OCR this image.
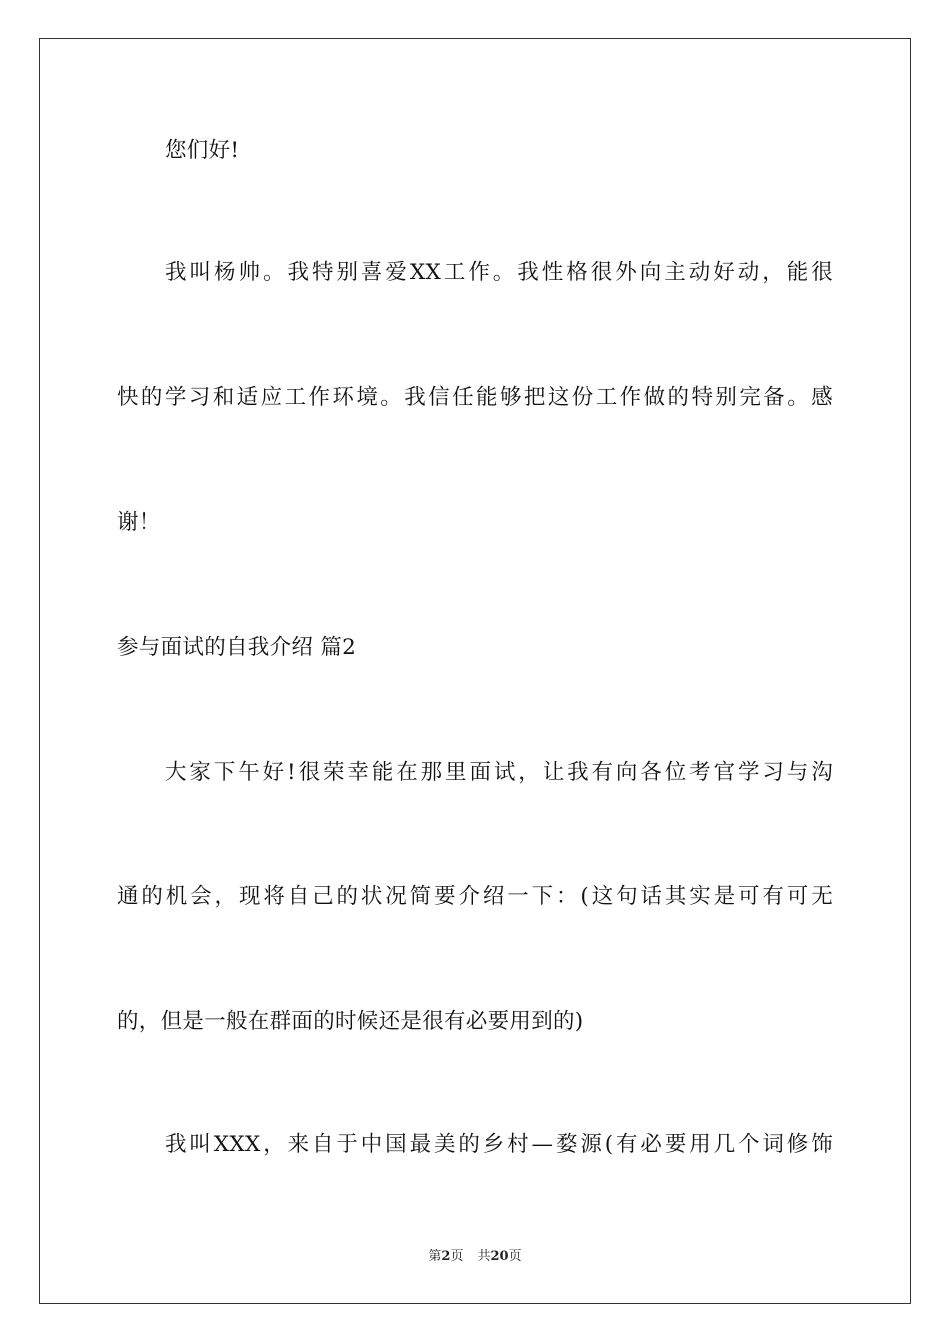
您们好!
我叫杨帅。我特别喜爱XX工作。我性格很外向主动好动，能很
快的学习和适应工作环境。我信任能够把这份工作做的特别完备。感
谢！
参与面试的自我介绍 篇2
大家下午好!很荣幸能在那里面试，让我有向各位考官学习与沟
通的机会，现将自己的状况简要介绍一下：(这句话其实是可有可无
的，但是一般在群面的时候还是很有必要用到的)
我叫XXX，来自于中国最美的乡村—婺源(有必要用几个词修饰
第2页 共20页
